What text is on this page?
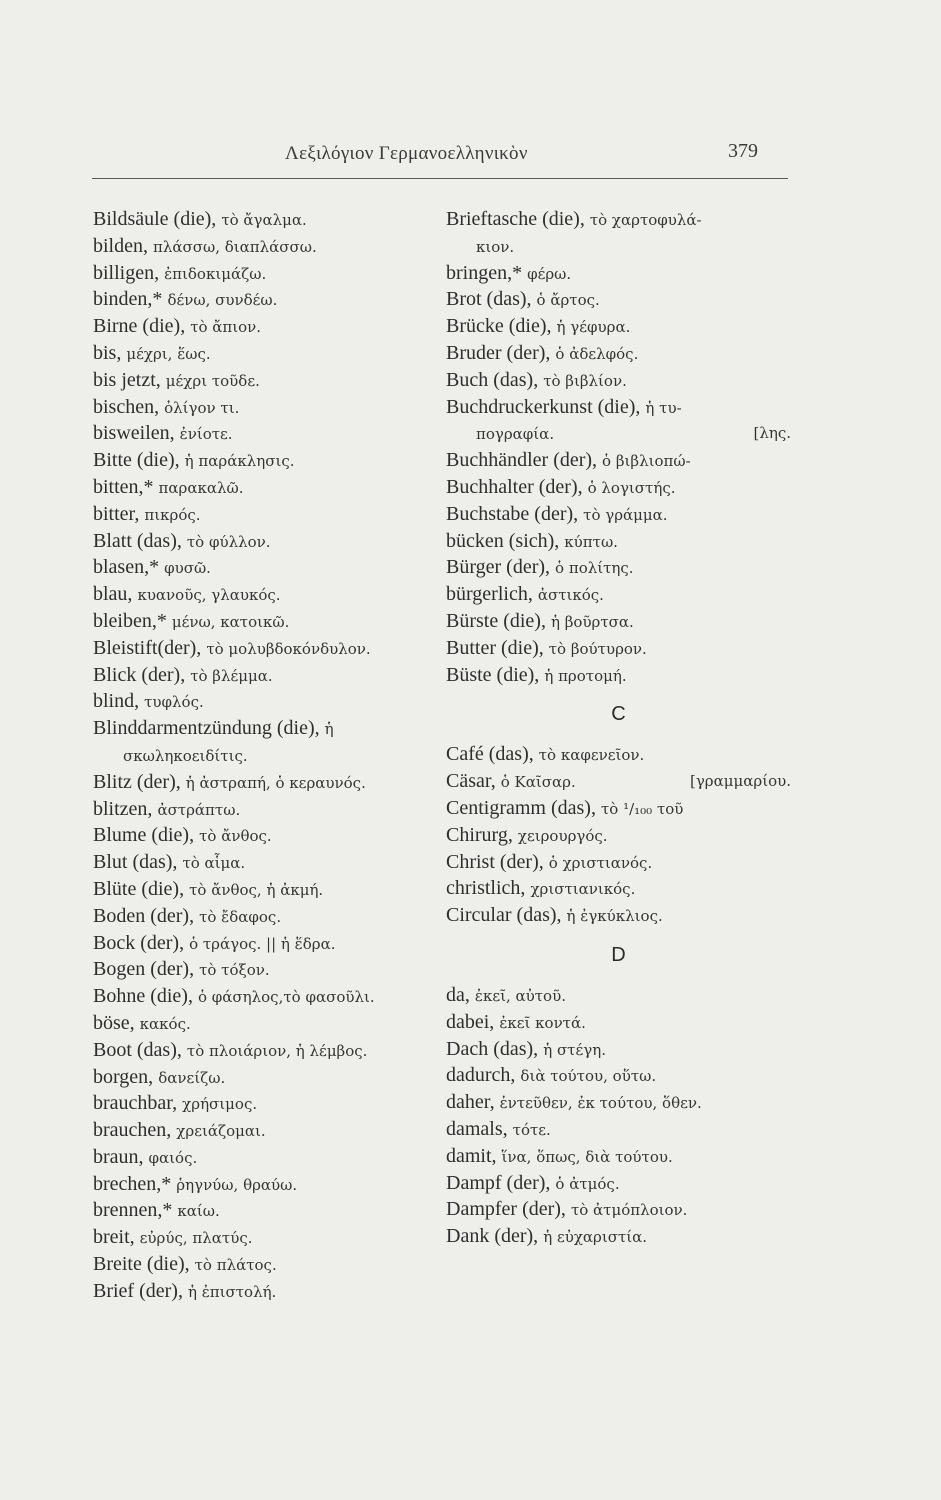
Λεξιλόγιον Γερμανοελληνικὸν	379
Bildsäule (die), τὸ ἄγαλμα.
bilden, πλάσσω, διαπλάσσω.
billigen, ἐπιδοκιμάζω.
binden,* δένω, συνδέω.
Birne (die), τὸ ἄπιον.
bis, μέχρι, ἕως.
bis jetzt, μέχρι τοῦδε.
bischen, ὀλίγον τι.
bisweilen, ἐνίοτε.
Bitte (die), ἡ παράκλησις.
bitten,* παρακαλῶ.
bitter, πικρός.
Blatt (das), τὸ φύλλον.
blasen,* φυσῶ.
blau, κυανοῦς, γλαυκός.
bleiben,* μένω, κατοικῶ.
Bleistift(der), τὸ μολυβδοκόνδυλον.
Blick (der), τὸ βλέμμα.
blind, τυφλός.
Blinddarmentzündung (die), ἡ
σκωληκοειδίτις.
Blitz (der), ἡ ἀστραπή, ὁ κεραυνός.
blitzen, ἀστράπτω.
Blume (die), τὸ ἄνθος.
Blut (das), τὸ αἷμα.
Blüte (die), τὸ ἄνθος, ἡ ἀκμή.
Boden (der), τὸ ἔδαφος.
Bock (der), ὁ τράγος. || ἡ ἕδρα.
Bogen (der), τὸ τόξον.
Bohne (die), ὁ φάσηλος,τὸ φασοῦλι.
böse, κακός.
Boot (das), τὸ πλοιάριον, ἡ λέμβος.
borgen, δανείζω.
brauchbar, χρήσιμος.
brauchen, χρειάζομαι.
braun, φαιός.
brechen,* ῥηγνύω, θραύω.
brennen,* καίω.
breit, εὐρύς, πλατύς.
Breite (die), τὸ πλάτος.
Brief (der), ἡ ἐπιστολή.
Brieftasche (die), τὸ χαρτοφυλά-
κιον.
bringen,* φέρω.
Brot (das), ὁ ἄρτος.
Brücke (die), ἡ γέφυρα.
Bruder (der), ὁ ἀδελφός.
Buch (das), τὸ βιβλίον.
Buchdruckerkunst (die), ἡ τυ-
πογραφία.	[λης.
Buchhändler (der), ὁ βιβλιοπώ-
Buchhalter (der), ὁ λογιστής.
Buchstabe (der), τὸ γράμμα.
bücken (sich), κύπτω.
Bürger (der), ὁ πολίτης.
bürgerlich, ἀστικός.
Bürste (die), ἡ βοῦρτσα.
Butter (die), τὸ βούτυρον.
Büste (die), ἡ προτομή.
C
Café (das), τὸ καφενεῖον.
Cäsar, ὁ Καῖσαρ.	[γραμμαρίου.
Centigramm (das), τὸ ¹/₁₀₀ τοῦ
Chirurg, χειρουργός.
Christ (der), ὁ χριστιανός.
christlich, χριστιανικός.
Circular (das), ἡ ἐγκύκλιος.
D
da, ἐκεῖ, αὐτοῦ.
dabei, ἐκεῖ κοντά.
Dach (das), ἡ στέγη.
dadurch, διὰ τούτου, οὕτω.
daher, ἐντεῦθεν, ἐκ τούτου, ὅθεν.
damals, τότε.
damit, ἵνα, ὅπως, διὰ τούτου.
Dampf (der), ὁ ἀτμός.
Dampfer (der), τὸ ἀτμόπλοιον.
Dank (der), ἡ εὐχαριστία.
